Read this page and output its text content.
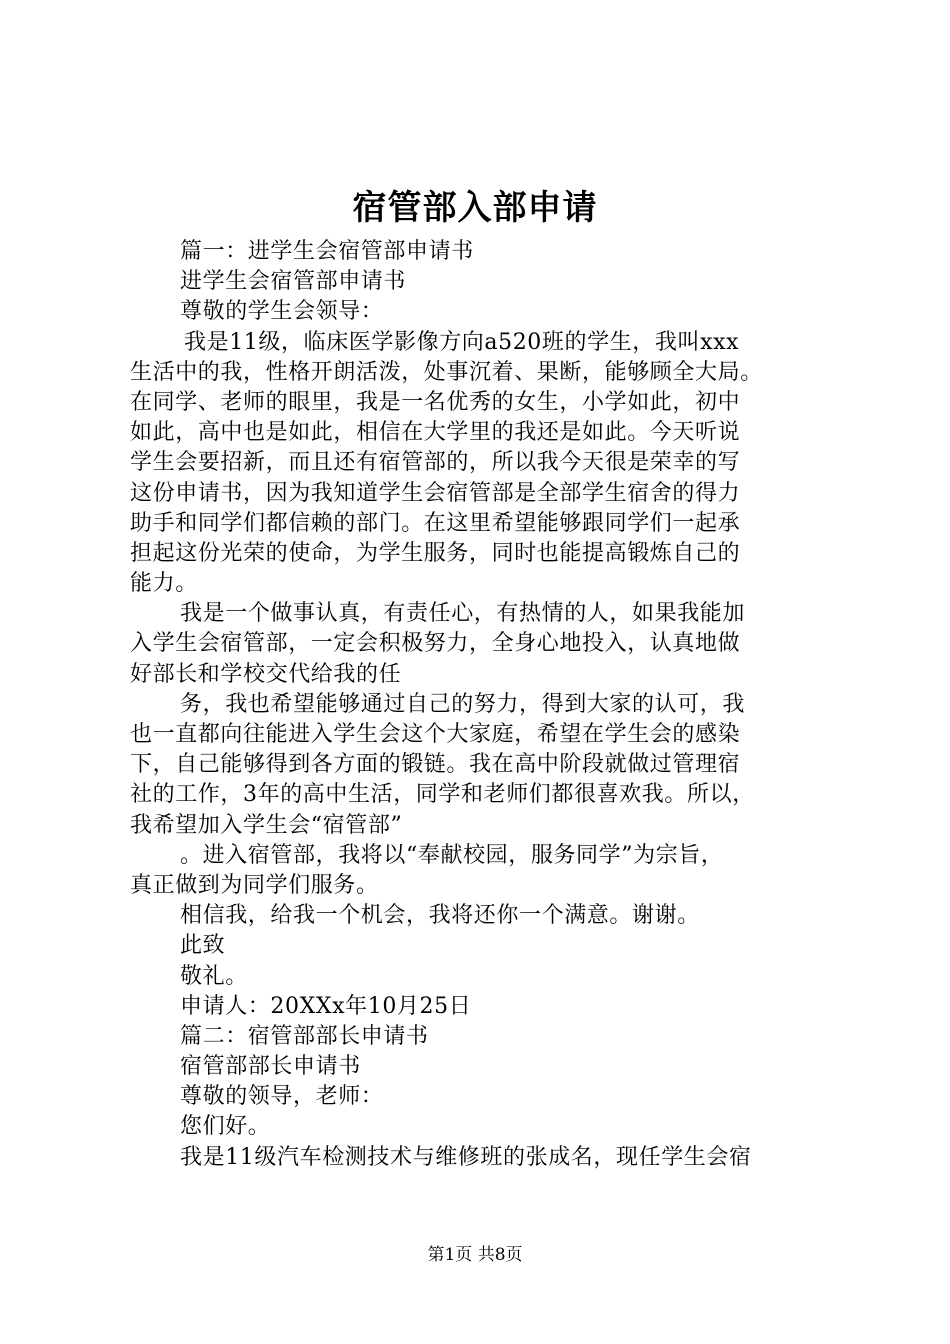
宿管部入部申请
篇一：进学生会宿管部申请书
进学生会宿管部申请书
尊敬的学生会领导：
我是11级，临床医学影像方向a520班的学生，我叫xxx
生活中的我，性格开朗活泼，处事沉着、果断，能够顾全大局。
在同学、老师的眼里，我是一名优秀的女生，小学如此，初中
如此，高中也是如此，相信在大学里的我还是如此。今天听说
学生会要招新，而且还有宿管部的，所以我今天很是荣幸的写
这份申请书，因为我知道学生会宿管部是全部学生宿舍的得力
助手和同学们都信赖的部门。在这里希望能够跟同学们一起承
担起这份光荣的使命，为学生服务，同时也能提高锻炼自己的
能力。
我是一个做事认真，有责任心，有热情的人，如果我能加
入学生会宿管部，一定会积极努力，全身心地投入，认真地做
好部长和学校交代给我的任
务，我也希望能够通过自己的努力，得到大家的认可，我
也一直都向往能进入学生会这个大家庭，希望在学生会的感染
下，自己能够得到各方面的锻链。我在高中阶段就做过管理宿
社的工作，3年的高中生活，同学和老师们都很喜欢我。所以，
我希望加入学生会“宿管部”
。进入宿管部，我将以“奉献校园，服务同学”为宗旨，
真正做到为同学们服务。
相信我，给我一个机会，我将还你一个满意。谢谢。
此致
敬礼。
申请人：20XXx年10月25日
篇二：宿管部部长申请书
宿管部部长申请书
尊敬的领导，老师：
您们好。
我是11级汽车检测技术与维修班的张成名，现任学生会宿
第1页 共8页
